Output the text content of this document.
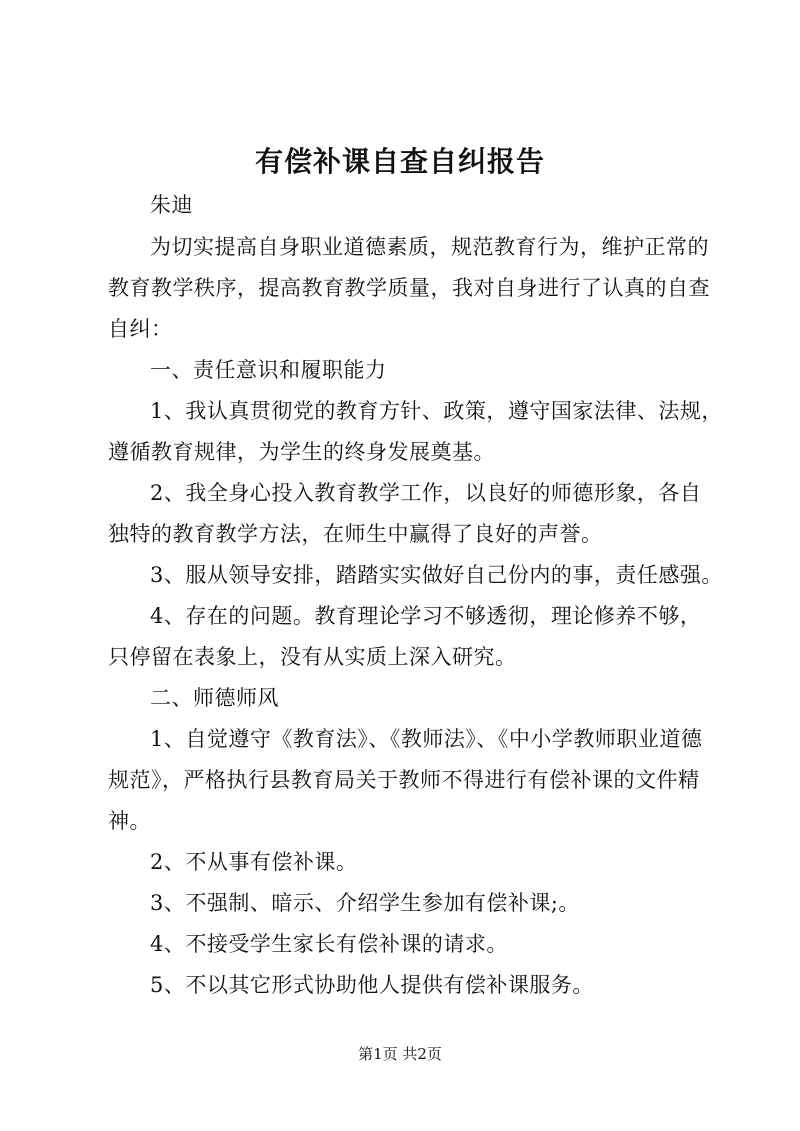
有偿补课自查自纠报告
朱迪
为切实提高自身职业道德素质，规范教育行为，维护正常的
教育教学秩序，提高教育教学质量，我对自身进行了认真的自查
自纠：
一、责任意识和履职能力
1、我认真贯彻党的教育方针、政策，遵守国家法律、法规，
遵循教育规律，为学生的终身发展奠基。
2、我全身心投入教育教学工作，以良好的师德形象，各自
独特的教育教学方法，在师生中赢得了良好的声誉。
3、服从领导安排，踏踏实实做好自己份内的事，责任感强。
4、存在的问题。教育理论学习不够透彻，理论修养不够，
只停留在表象上，没有从实质上深入研究。
二、师德师风
1、自觉遵守《教育法》、《教师法》、《中小学教师职业道德
规范》，严格执行县教育局关于教师不得进行有偿补课的文件精
神。
2、不从事有偿补课。
3、不强制、暗示、介绍学生参加有偿补课;。
4、不接受学生家长有偿补课的请求。
5、不以其它形式协助他人提供有偿补课服务。
第1页 共2页
